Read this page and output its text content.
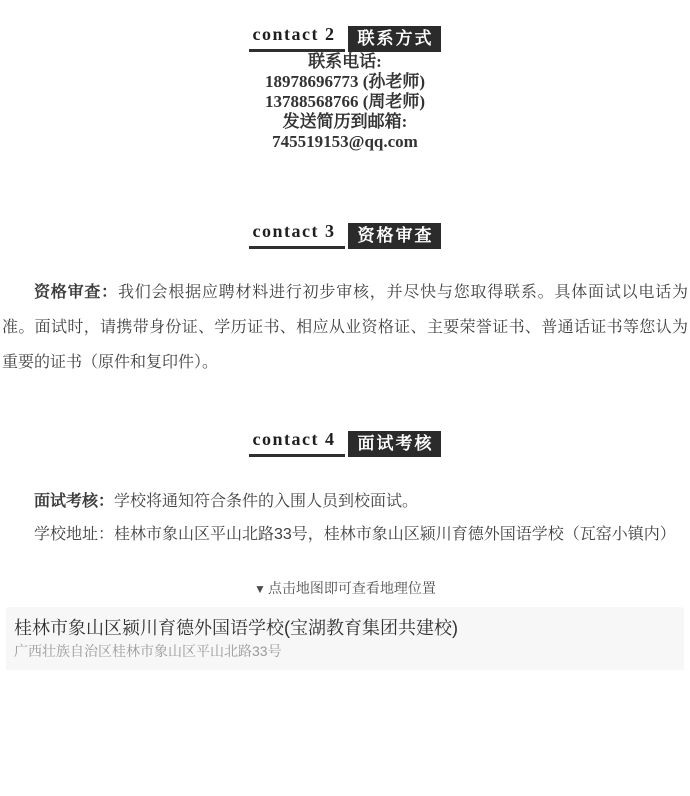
contact 2	联系方式

联系电话:

18978696773 (孙老师)

13788568766 (周老师)

发送简历到邮箱:

745519153@qq.com

contact 3	资格审查

资格审查：我们会根据应聘材料进行初步审核，并尽快与您取得联系。具体面试以电话为准。面试时，请携带身份证、学历证书、相应从业资格证、主要荣誉证书、普通话证书等您认为重要的证书（原件和复印件）。

contact 4	面试考核

面试考核：学校将通知符合条件的入围人员到校面试。

学校地址：桂林市象山区平山北路33号，桂林市象山区颍川育德外国语学校（瓦窑小镇内）

▼ 点击地图即可查看地理位置
桂林市象山区颍川育德外国语学校(宝湖教育集团共建校)
广西壮族自治区桂林市象山区平山北路33号
